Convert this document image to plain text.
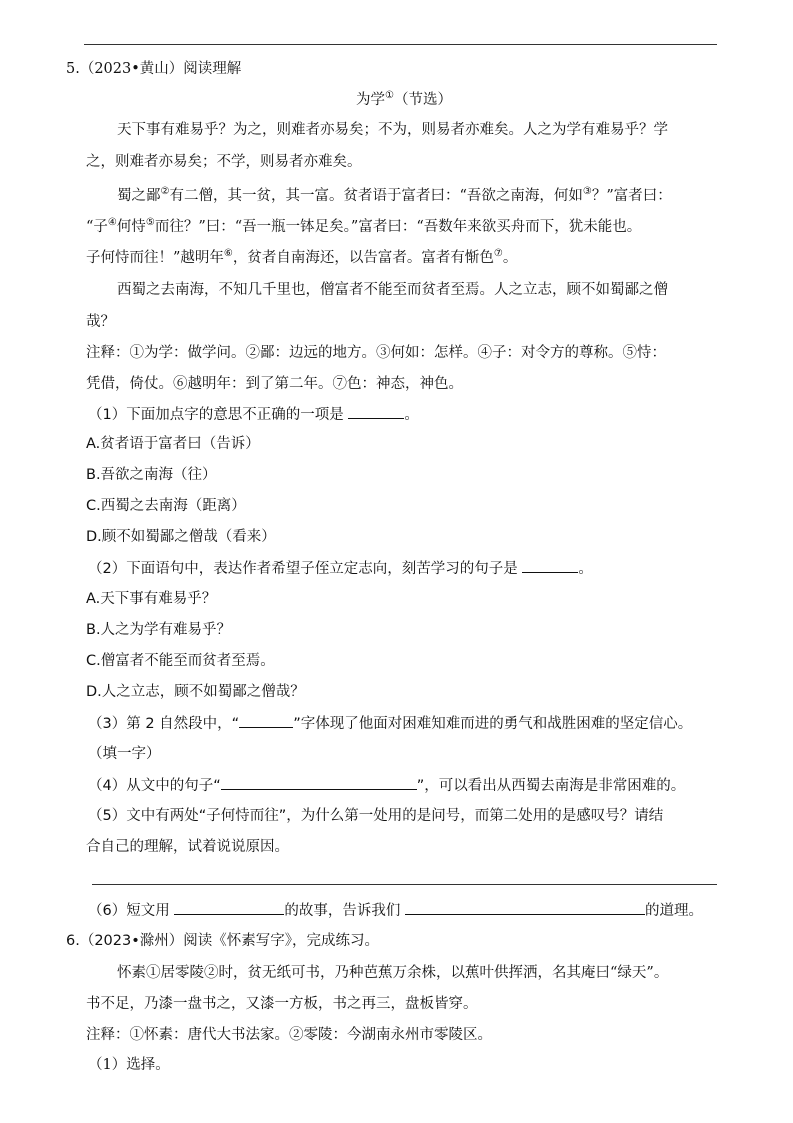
5.（2023•黄山）阅读理解
为学①（节选）
天下事有难易乎？为之，则难者亦易矣；不为，则易者亦难矣。人之为学有难易乎？学
之，则难者亦易矣；不学，则易者亦难矣。
蜀之鄙②有二僧，其一贫，其一富。贫者语于富者曰：“吾欲之南海，何如③？”富者曰：
“子④何恃⑤而往？”曰：“吾一瓶一钵足矣。”富者曰：“吾数年来欲买舟而下，犹未能也。
子何恃而往！”越明年⑥，贫者自南海还，以告富者。富者有惭色⑦。
西蜀之去南海，不知几千里也，僧富者不能至而贫者至焉。人之立志，顾不如蜀鄙之僧
哉？
注释：①为学：做学问。②鄙：边远的地方。③何如：怎样。④子：对令方的尊称。⑤恃：
凭借，倚仗。⑥越明年：到了第二年。⑦色：神态，神色。
（1）下面加点字的意思不正确的一项是	。
A.贫者语于富者曰（告诉）
B.吾欲之南海（往）
C.西蜀之去南海（距离）
D.顾不如蜀鄙之僧哉（看来）
（2）下面语句中，表达作者希望子侄立定志向，刻苦学习的句子是	。
A.天下事有难易乎？
B.人之为学有难易乎？
C.僧富者不能至而贫者至焉。
D.人之立志，顾不如蜀鄙之僧哉？
（3）第 2 自然段中，“	”字体现了他面对困难知难而进的勇气和战胜困难的坚定信心。
（填一字）
（4）从文中的句子“	”，可以看出从西蜀去南海是非常困难的。
（5）文中有两处“子何恃而往”，为什么第一处用的是问号，而第二处用的是感叹号？请结
合自己的理解，试着说说原因。
（6）短文用	的故事，告诉我们	的道理。
6.（2023•滁州）阅读《怀素写字》，完成练习。
怀素①居零陵②时，贫无纸可书，乃种芭蕉万余株，以蕉叶供挥洒，名其庵曰“绿天”。
书不足，乃漆一盘书之，又漆一方板，书之再三，盘板皆穿。
注释：①怀素：唐代大书法家。②零陵：今湖南永州市零陵区。
（1）选择。
